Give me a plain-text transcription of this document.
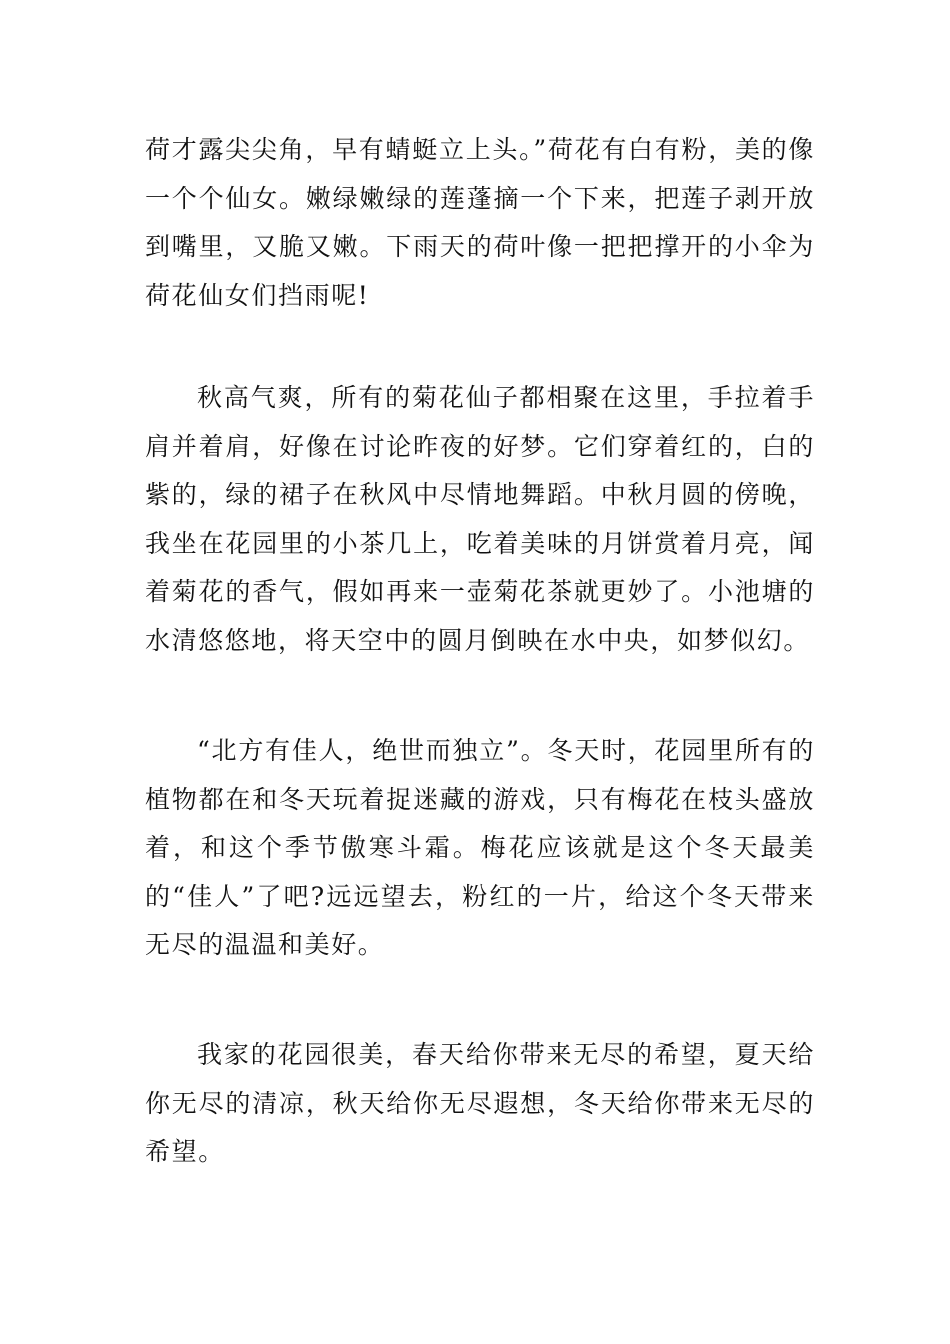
荷才露尖尖角，早有蜻蜓立上头。”荷花有白有粉，美的像一个个仙女。嫩绿嫩绿的莲蓬摘一个下来，把莲子剥开放到嘴里，又脆又嫩。下雨天的荷叶像一把把撑开的小伞为荷花仙女们挡雨呢!

秋高气爽，所有的菊花仙子都相聚在这里，手拉着手肩并着肩，好像在讨论昨夜的好梦。它们穿着红的，白的紫的，绿的裙子在秋风中尽情地舞蹈。中秋月圆的傍晚，我坐在花园里的小茶几上，吃着美味的月饼赏着月亮，闻着菊花的香气，假如再来一壶菊花茶就更妙了。小池塘的水清悠悠地，将天空中的圆月倒映在水中央，如梦似幻。

“北方有佳人，绝世而独立”。冬天时，花园里所有的植物都在和冬天玩着捉迷藏的游戏，只有梅花在枝头盛放着，和这个季节傲寒斗霜。梅花应该就是这个冬天最美的“佳人”了吧?远远望去，粉红的一片，给这个冬天带来无尽的温温和美好。

我家的花园很美，春天给你带来无尽的希望，夏天给你无尽的清凉，秋天给你无尽遐想，冬天给你带来无尽的希望。
